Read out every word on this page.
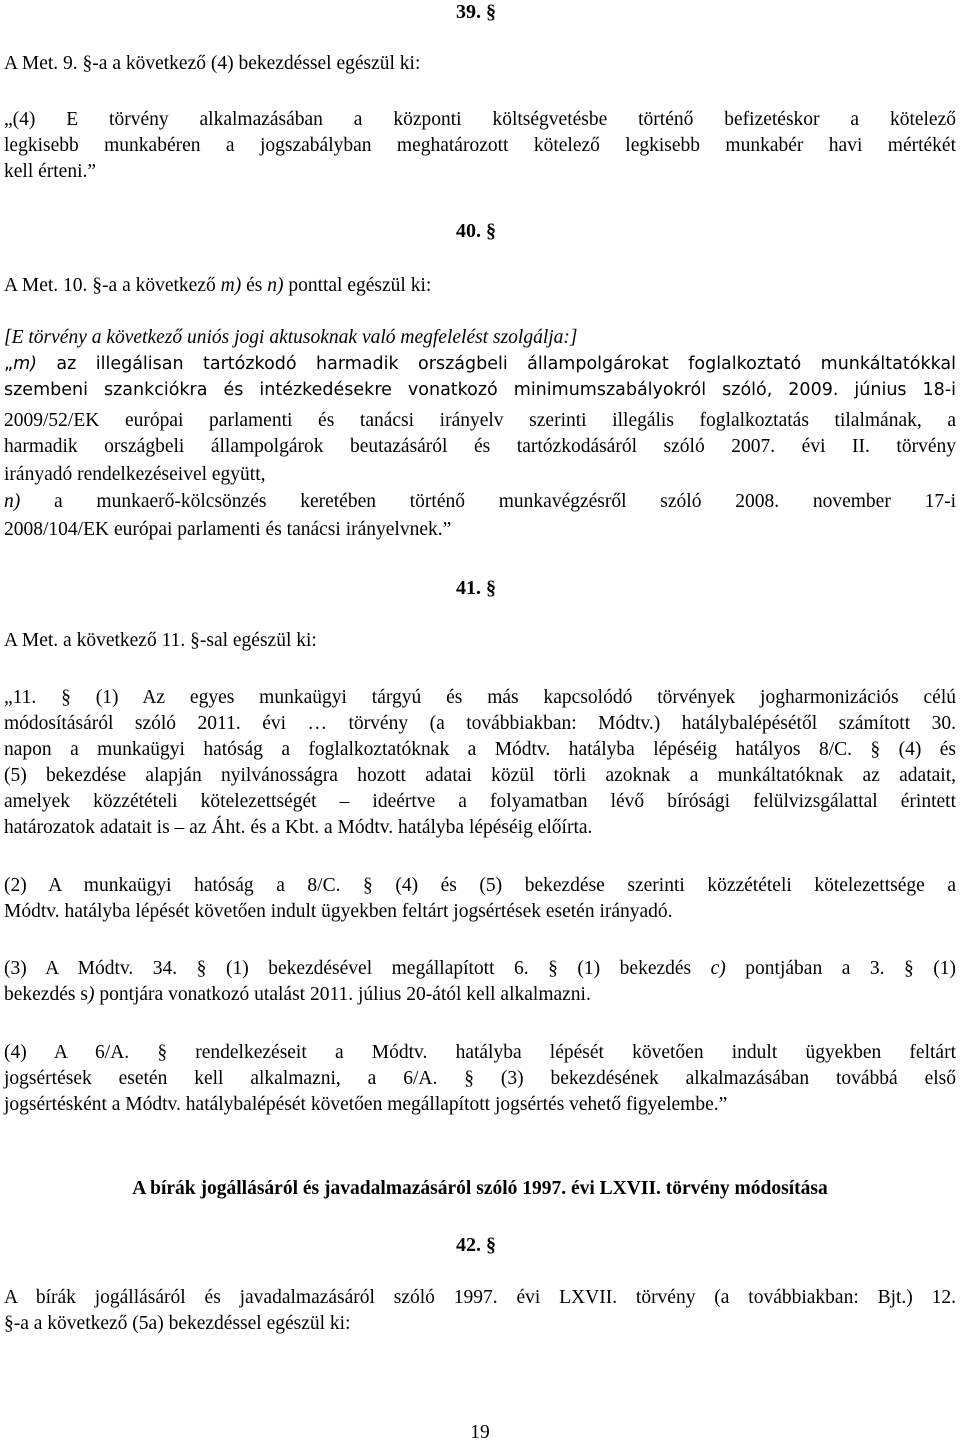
39. §
A Met. 9. §-a a következő (4) bekezdéssel egészül ki:
„(4) E törvény alkalmazásában a központi költségvetésbe történő befizetéskor a kötelező
legkisebb munkabéren a jogszabályban meghatározott kötelező legkisebb munkabér havi mértékét
kell érteni.”
40. §
A Met. 10. §-a a következő m) és n) ponttal egészül ki:
[E törvény a következő uniós jogi aktusoknak való megfelelést szolgálja:]
„m) az illegálisan tartózkodó harmadik országbeli állampolgárokat foglalkoztató munkáltatókkal
szembeni szankciókra és intézkedésekre vonatkozó minimumszabályokról szóló, 2009. június 18-i
2009/52/EK európai parlamenti és tanácsi irányelv szerinti illegális foglalkoztatás tilalmának, a
harmadik országbeli állampolgárok beutazásáról és tartózkodásáról szóló 2007. évi II. törvény
irányadó rendelkezéseivel együtt,
n) a munkaerő-kölcsönzés keretében történő munkavégzésről szóló 2008. november 17-i
2008/104/EK európai parlamenti és tanácsi irányelvnek.”
41. §
A Met. a következő 11. §-sal egészül ki:
„11. § (1) Az egyes munkaügyi tárgyú és más kapcsolódó törvények jogharmonizációs célú
módosításáról szóló 2011. évi … törvény (a továbbiakban: Módtv.) hatálybalépésétől számított 30.
napon a munkaügyi hatóság a foglalkoztatóknak a Módtv. hatályba lépéséig hatályos 8/C. § (4) és
(5) bekezdése alapján nyilvánosságra hozott adatai közül törli azoknak a munkáltatóknak az adatait,
amelyek közzétételi kötelezettségét – ideértve a folyamatban lévő bírósági felülvizsgálattal érintett
határozatok adatait is – az Áht. és a Kbt. a Módtv. hatályba lépéséig előírta.
(2) A munkaügyi hatóság a 8/C. § (4) és (5) bekezdése szerinti közzétételi kötelezettsége a
Módtv. hatályba lépését követően indult ügyekben feltárt jogsértések esetén irányadó.
(3) A Módtv. 34. § (1) bekezdésével megállapított 6. § (1) bekezdés c) pontjában a 3. § (1)
bekezdés s) pontjára vonatkozó utalást 2011. július 20-ától kell alkalmazni.
(4) A 6/A. § rendelkezéseit a Módtv. hatályba lépését követően indult ügyekben feltárt
jogsértések esetén kell alkalmazni, a 6/A. § (3) bekezdésének alkalmazásában továbbá első
jogsértésként a Módtv. hatálybalépését követően megállapított jogsértés vehető figyelembe.”
A bírák jogállásáról és javadalmazásáról szóló 1997. évi LXVII. törvény módosítása
42. §
A bírák jogállásáról és javadalmazásáról szóló 1997. évi LXVII. törvény (a továbbiakban: Bjt.) 12.
§-a a következő (5a) bekezdéssel egészül ki:
19
